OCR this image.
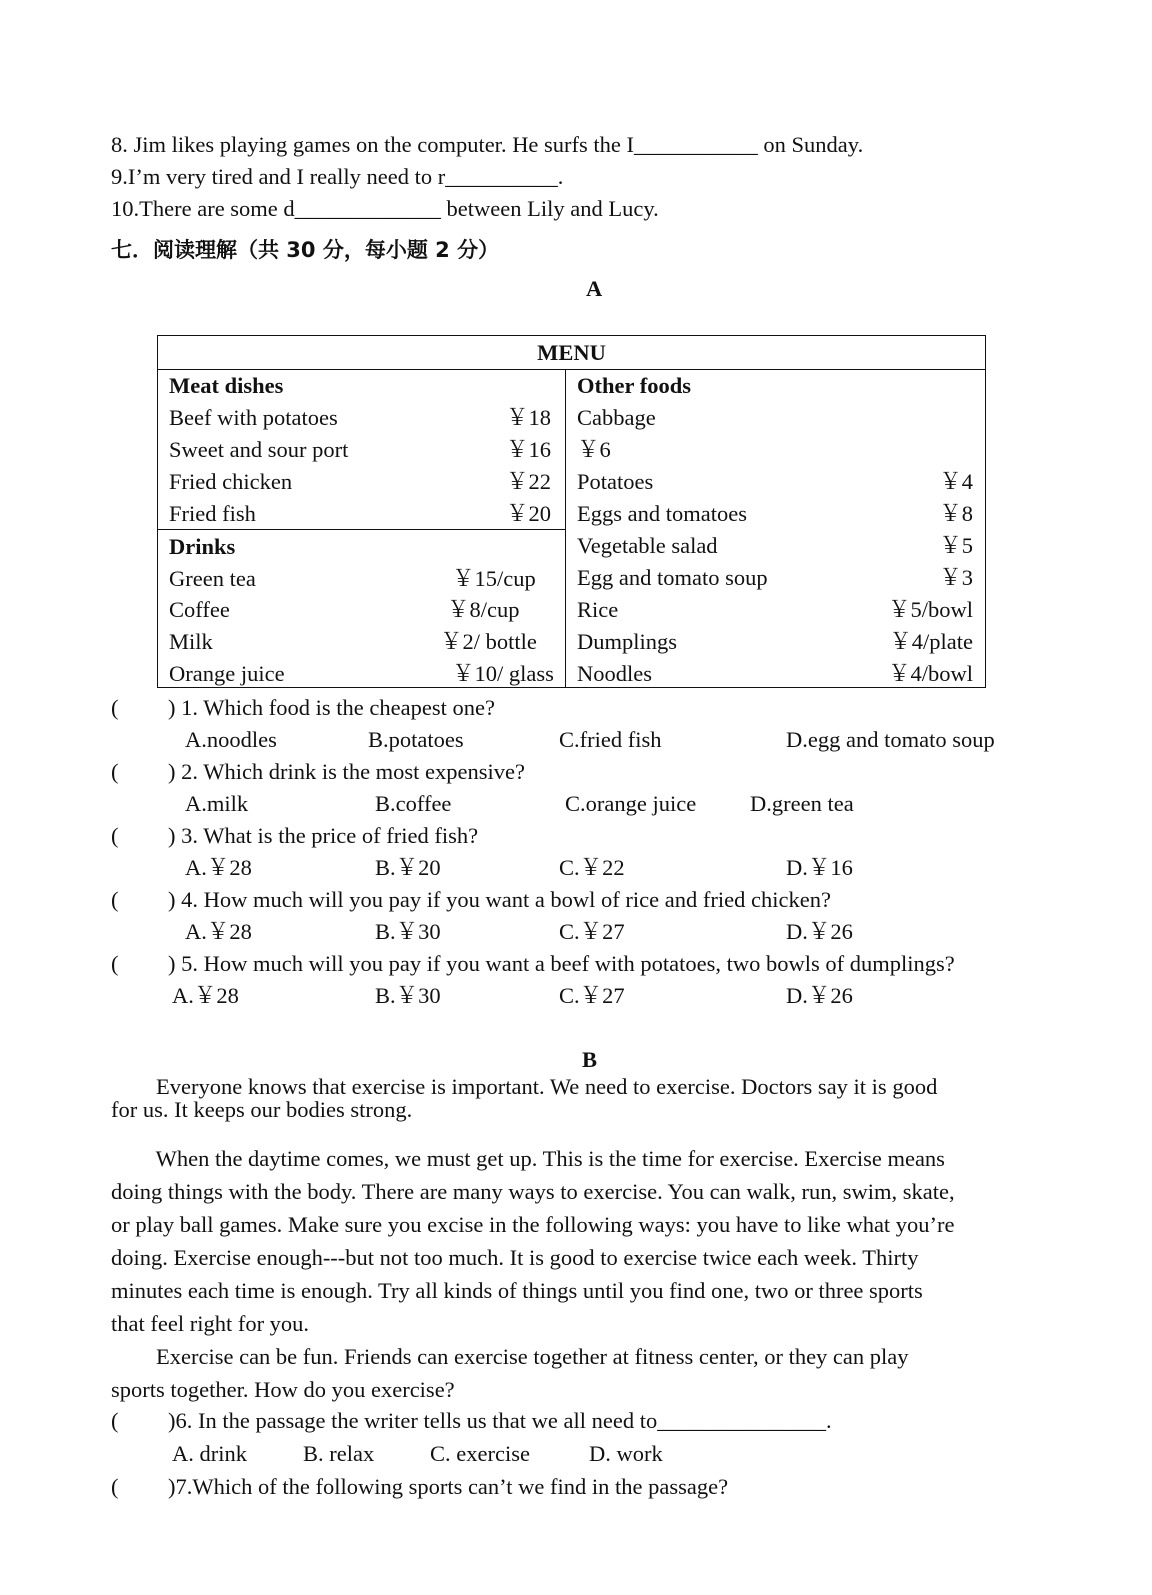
8. Jim likes playing games on the computer. He surfs the I___________ on Sunday.
9.I’m very tired and I really need to r__________.
10.There are some d_____________ between Lily and Lucy.
七．阅读理解（共 30 分，每小题 2 分）
A
MENU
Meat dishes
Beef with potatoes	￥18
Sweet and sour port	￥16
Fried chicken	￥22
Fried fish	￥20
Drinks
Green tea	￥15/cup
Coffee	￥8/cup
Milk	￥2/ bottle
Orange juice	￥10/ glass
Other foods
Cabbage
￥6
Potatoes	￥4
Eggs and tomatoes	￥8
Vegetable salad	￥5
Egg and tomato soup	￥3
Rice	￥5/bowl
Dumplings	￥4/plate
Noodles	￥4/bowl
( ) 1. Which food is the cheapest one?
A.noodles	B.potatoes	C.fried fish	D.egg and tomato soup
( ) 2. Which drink is the most expensive?
A.milk	B.coffee	C.orange juice D.green tea
( ) 3. What is the price of fried fish?
A.￥28	B.￥20	C.￥22	D.￥16
( ) 4. How much will you pay if you want a bowl of rice and fried chicken?
A.￥28	B.￥30	C.￥27	D.￥26
( ) 5. How much will you pay if you want a beef with potatoes, two bowls of dumplings?
A.￥28	B.￥30	C.￥27	D.￥26
B
Everyone knows that exercise is important. We need to exercise. Doctors say it is good
for us. It keeps our bodies strong.
When the daytime comes, we must get up. This is the time for exercise. Exercise means
doing things with the body. There are many ways to exercise. You can walk, run, swim, skate,
or play ball games. Make sure you excise in the following ways: you have to like what you’re
doing. Exercise enough---but not too much. It is good to exercise twice each week. Thirty
minutes each time is enough. Try all kinds of things until you find one, two or three sports
that feel right for you.
Exercise can be fun. Friends can exercise together at fitness center, or they can play
sports together. How do you exercise?
( )6. In the passage the writer tells us that we all need to_______________.
A. drink B. relax C. exercise	D. work
( )7.Which of the following sports can’t we find in the passage?
